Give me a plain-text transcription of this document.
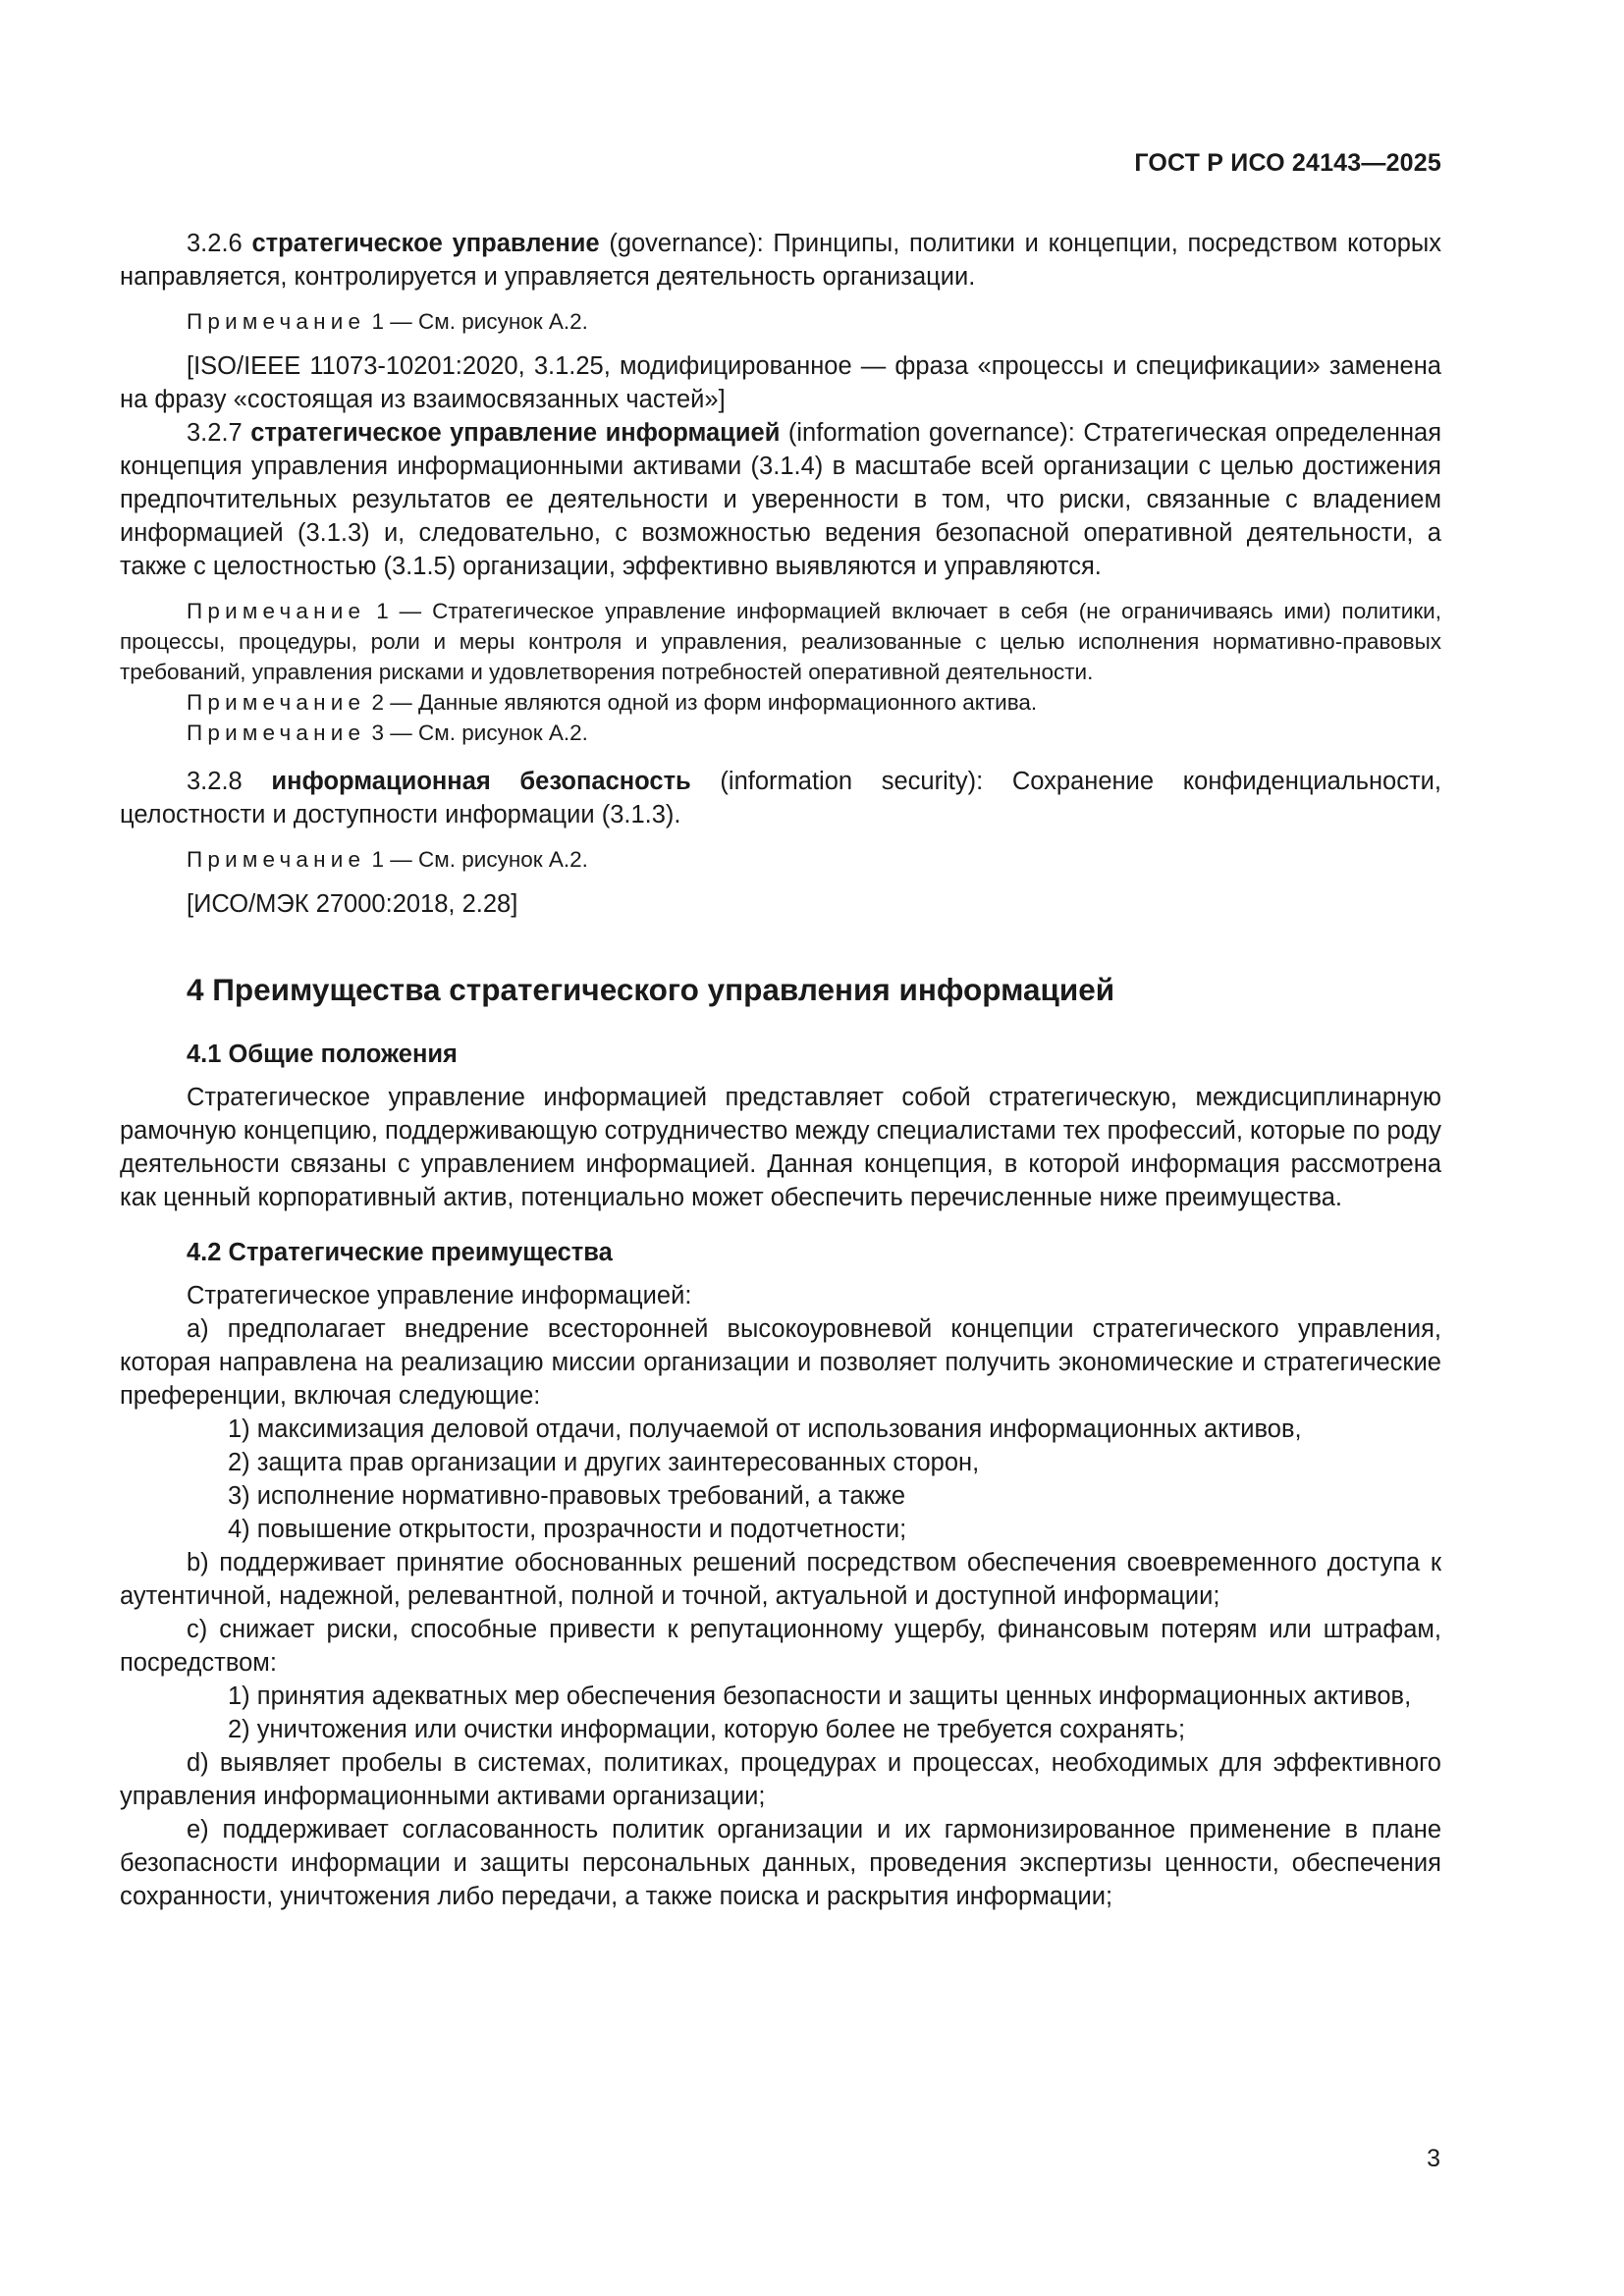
ГОСТ Р ИСО 24143—2025

3.2.6 стратегическое управление (governance): Принципы, политики и концепции, посредством которых направляется, контролируется и управляется деятельность организации.

Примечание 1 — См. рисунок А.2.

[ISO/IEEE 11073-10201:2020, 3.1.25, модифицированное — фраза «процессы и спецификации» заменена на фразу «состоящая из взаимосвязанных частей»]

3.2.7 стратегическое управление информацией (information governance): Стратегическая определенная концепция управления информационными активами (3.1.4) в масштабе всей организации с целью достижения предпочтительных результатов ее деятельности и уверенности в том, что риски, связанные с владением информацией (3.1.3) и, следовательно, с возможностью ведения безопасной оперативной деятельности, а также с целостностью (3.1.5) организации, эффективно выявляются и управляются.

Примечание 1 — Стратегическое управление информацией включает в себя (не ограничиваясь ими) политики, процессы, процедуры, роли и меры контроля и управления, реализованные с целью исполнения нормативно-правовых требований, управления рисками и удовлетворения потребностей оперативной деятельности.

Примечание 2 — Данные являются одной из форм информационного актива.

Примечание 3 — См. рисунок А.2.

3.2.8 информационная безопасность (information security): Сохранение конфиденциальности, целостности и доступности информации (3.1.3).

Примечание 1 — См. рисунок А.2.

[ИСО/МЭК 27000:2018, 2.28]

4 Преимущества стратегического управления информацией

4.1 Общие положения

Стратегическое управление информацией представляет собой стратегическую, междисциплинарную рамочную концепцию, поддерживающую сотрудничество между специалистами тех профессий, которые по роду деятельности связаны с управлением информацией. Данная концепция, в которой информация рассмотрена как ценный корпоративный актив, потенциально может обеспечить перечисленные ниже преимущества.

4.2 Стратегические преимущества

Стратегическое управление информацией:

a) предполагает внедрение всесторонней высокоуровневой концепции стратегического управления, которая направлена на реализацию миссии организации и позволяет получить экономические и стратегические преференции, включая следующие:

1) максимизация деловой отдачи, получаемой от использования информационных активов,

2) защита прав организации и других заинтересованных сторон,

3) исполнение нормативно-правовых требований, а также

4) повышение открытости, прозрачности и подотчетности;

b) поддерживает принятие обоснованных решений посредством обеспечения своевременного доступа к аутентичной, надежной, релевантной, полной и точной, актуальной и доступной информации;

c) снижает риски, способные привести к репутационному ущербу, финансовым потерям или штрафам, посредством:

1) принятия адекватных мер обеспечения безопасности и защиты ценных информационных активов,

2) уничтожения или очистки информации, которую более не требуется сохранять;

d) выявляет пробелы в системах, политиках, процедурах и процессах, необходимых для эффективного управления информационными активами организации;

e) поддерживает согласованность политик организации и их гармонизированное применение в плане безопасности информации и защиты персональных данных, проведения экспертизы ценности, обеспечения сохранности, уничтожения либо передачи, а также поиска и раскрытия информации;

3
